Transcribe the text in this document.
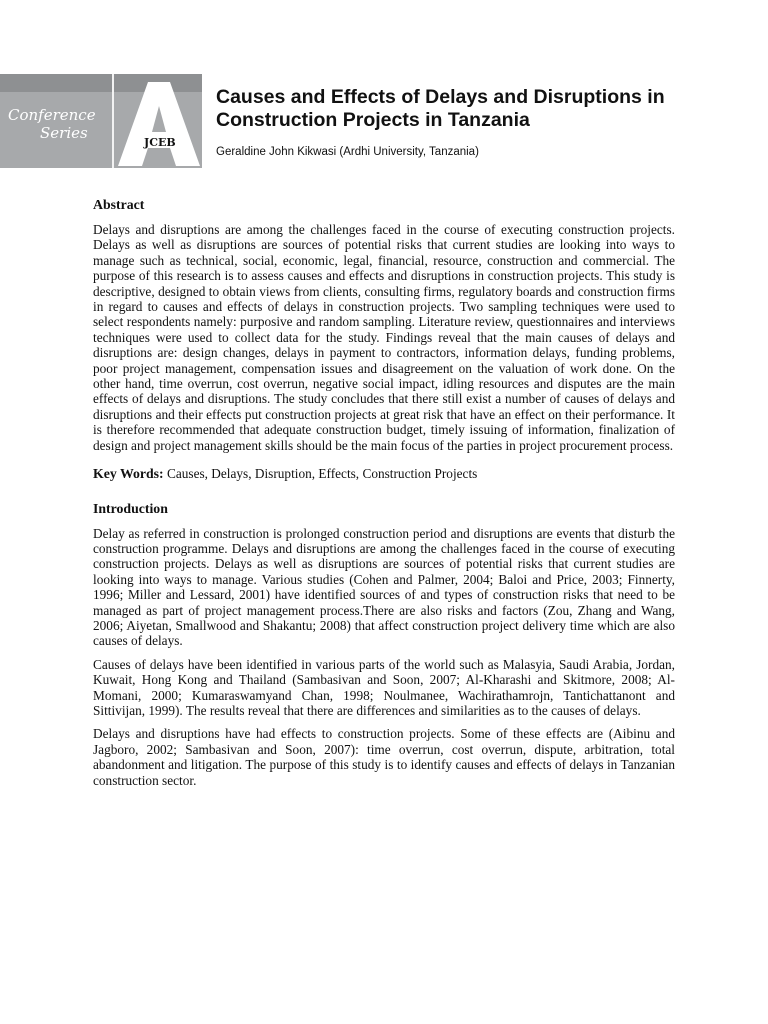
Conference
Series
JCEB
Causes and Effects of Delays and Disruptions in Construction Projects in Tanzania
Geraldine John Kikwasi (Ardhi University, Tanzania)
Abstract

Delays and disruptions are among the challenges faced in the course of executing construction projects. Delays as well as disruptions are sources of potential risks that current studies are looking into ways to manage such as technical, social, economic, legal, financial, resource, construction and commercial. The purpose of this research is to assess causes and effects and disruptions in construction projects. This study is descriptive, designed to obtain views from clients, consulting firms, regulatory boards and construction firms in regard to causes and effects of delays in construction projects. Two sampling techniques were used to select respondents namely: purposive and random sampling. Literature review, questionnaires and interviews techniques were used to collect data for the study. Findings reveal that the main causes of delays and disruptions are: design changes, delays in payment to contractors, information delays, funding problems, poor project management, compensation issues and disagreement on the valuation of work done. On the other hand, time overrun, cost overrun, negative social impact, idling resources and disputes are the main effects of delays and disruptions. The study concludes that there still exist a number of causes of delays and disruptions and their effects put construction projects at great risk that have an effect on their performance. It is therefore recommended that adequate construction budget, timely issuing of information, finalization of design and project management skills should be the main focus of the parties in project procurement process.

Key Words: Causes, Delays, Disruption, Effects, Construction Projects

Introduction

Delay as referred in construction is prolonged construction period and disruptions are events that disturb the construction programme. Delays and disruptions are among the challenges faced in the course of executing construction projects. Delays as well as disruptions are sources of potential risks that current studies are looking into ways to manage. Various studies (Cohen and Palmer, 2004; Baloi and Price, 2003; Finnerty, 1996; Miller and Lessard, 2001) have identified sources of and types of construction risks that need to be managed as part of project management process.There are also risks and factors (Zou, Zhang and Wang, 2006; Aiyetan, Smallwood and Shakantu; 2008) that affect construction project delivery time which are also causes of delays.

Causes of delays have been identified in various parts of the world such as Malasyia, Saudi Arabia, Jordan, Kuwait, Hong Kong and Thailand (Sambasivan and Soon, 2007; Al-Kharashi and Skitmore, 2008; Al-Momani, 2000; Kumaraswamyand Chan, 1998; Noulmanee, Wachirathamrojn, Tantichattanont and Sittivijan, 1999). The results reveal that there are differences and similarities as to the causes of delays.

Delays and disruptions have had effects to construction projects. Some of these effects are (Aibinu and Jagboro, 2002; Sambasivan and Soon, 2007): time overrun, cost overrun, dispute, arbitration, total abandonment and litigation. The purpose of this study is to identify causes and effects of delays in Tanzanian construction sector.
